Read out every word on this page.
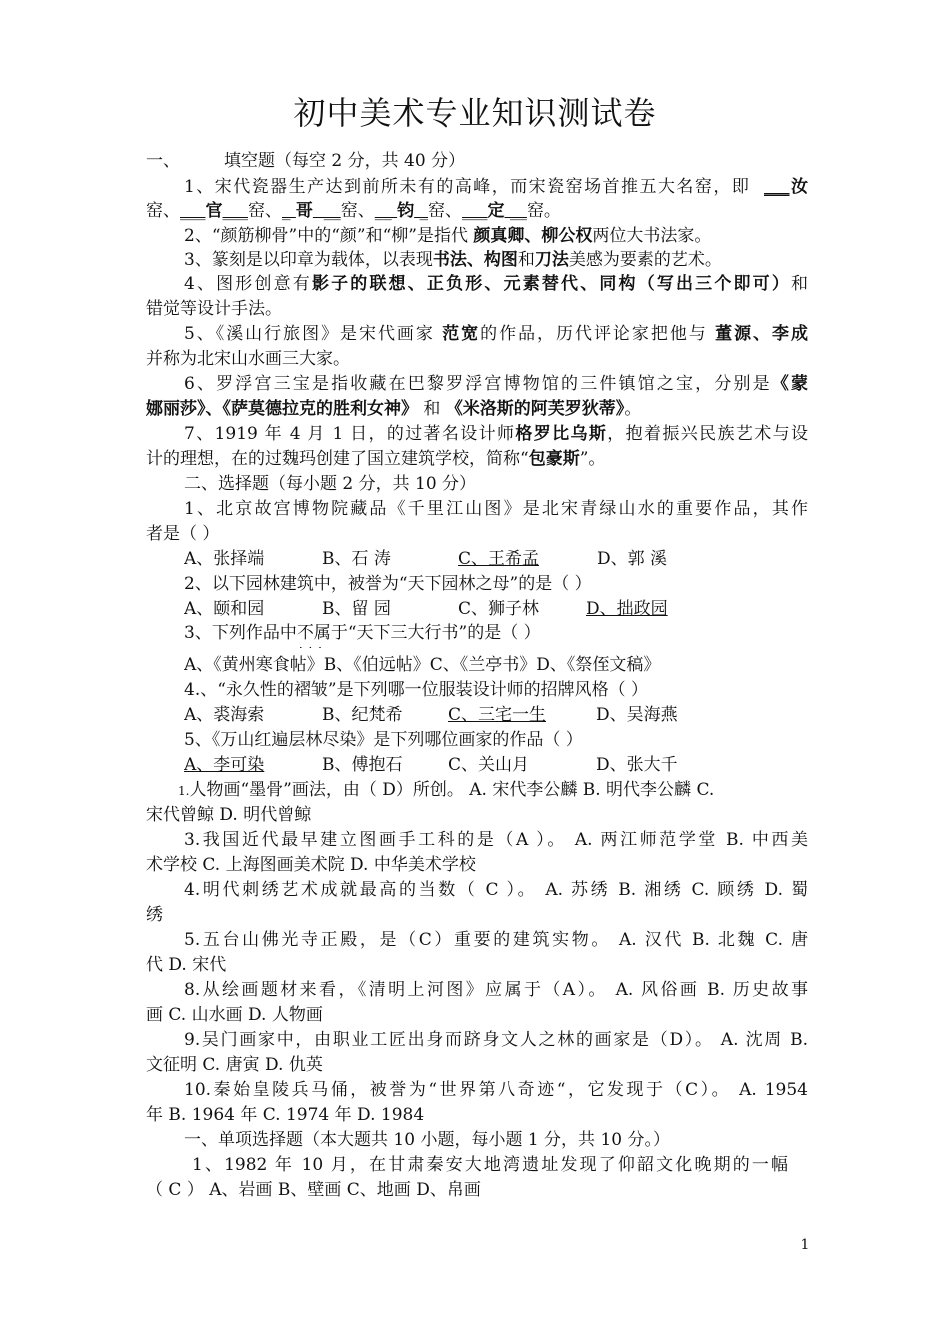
初中美术专业知识测试卷
一、	填空题（每空 2 分，共 40 分）
1、宋代瓷器生产达到前所未有的高峰，而宋瓷窑场首推五大名窑，即  ___汝
窑、___官___窑、_ 哥  __窑、__ 钧 _窑、___定 __窑。
2、“颜筋柳骨”中的“颜”和“柳”是指代 颜真卿、柳公权两位大书法家。
3、篆刻是以印章为载体，以表现书法、构图和刀法美感为要素的艺术。
4、图形创意有影子的联想、正负形、元素替代、同构（写出三个即可）和
错觉等设计手法。
5、《溪山行旅图》是宋代画家 范宽的作品，历代评论家把他与 董源、李成
并称为北宋山水画三大家。
6、罗浮宫三宝是指收藏在巴黎罗浮宫博物馆的三件镇馆之宝，分别是《蒙
娜丽莎》、《萨莫德拉克的胜利女神》 和 《米洛斯的阿芙罗狄蒂》。
7、1919 年 4 月 1 日，的过著名设计师格罗比乌斯，抱着振兴民族艺术与设
计的理想，在的过魏玛创建了国立建筑学校，简称“包豪斯”。
二、选择题（每小题 2 分，共 10 分）
1、北京故宫博物院藏品《千里江山图》是北宋青绿山水的重要作品，其作
者是（ ）
A、张择端	B、石 涛	C、王希孟	D、郭 溪
2、以下园林建筑中，被誉为“天下园林之母”的是（ ）
A、颐和园	B、留 园	C、狮子林	D、拙政园
3、下列作品中不属于 · · ·“天下三大行书”的是（ ）
A、《黄州寒食帖》B、《伯远帖》C、《兰亭书》D、《祭侄文稿》
4.、“永久性的褶皱”是下列哪一位服装设计师的招牌风格（ ）
A、裘海索	B、纪梵希	C、三宅一生	D、吴海燕
5、《万山红遍层林尽染》是下列哪位画家的作品（ ）
A、李可染	B、傅抱石	C、关山月	D、张大千
1.人物画“墨骨”画法，由（ D）所创。 A. 宋代李公麟 B. 明代李公麟 C.
宋代曾鲸 D. 明代曾鲸
3.我国近代最早建立图画手工科的是（A ）。 A. 两江师范学堂 B. 中西美
术学校 C. 上海图画美术院 D. 中华美术学校
4.明代刺绣艺术成就最高的当数（ C ）。 A. 苏绣 B. 湘绣 C. 顾绣 D. 蜀
绣
5.五台山佛光寺正殿，是（C）重要的建筑实物。 A. 汉代 B. 北魏 C. 唐
代 D. 宋代
8.从绘画题材来看，《清明上河图》应属于（A）。 A. 风俗画 B. 历史故事
画 C. 山水画 D. 人物画
9.吴门画家中，由职业工匠出身而跻身文人之林的画家是（D）。 A. 沈周 B.
文征明 C. 唐寅 D. 仇英
10.秦始皇陵兵马俑，被誉为“世界第八奇迹“，它发现于（C）。 A. 1954
年 B. 1964 年 C. 1974 年 D. 1984
一、单项选择题（本大题共 10 小题，每小题 1 分，共 10 分。）
1、1982 年 10 月，在甘肃秦安大地湾遗址发现了仰韶文化晚期的一幅
（ C ） A、岩画 B、壁画 C、地画 D、帛画
1
